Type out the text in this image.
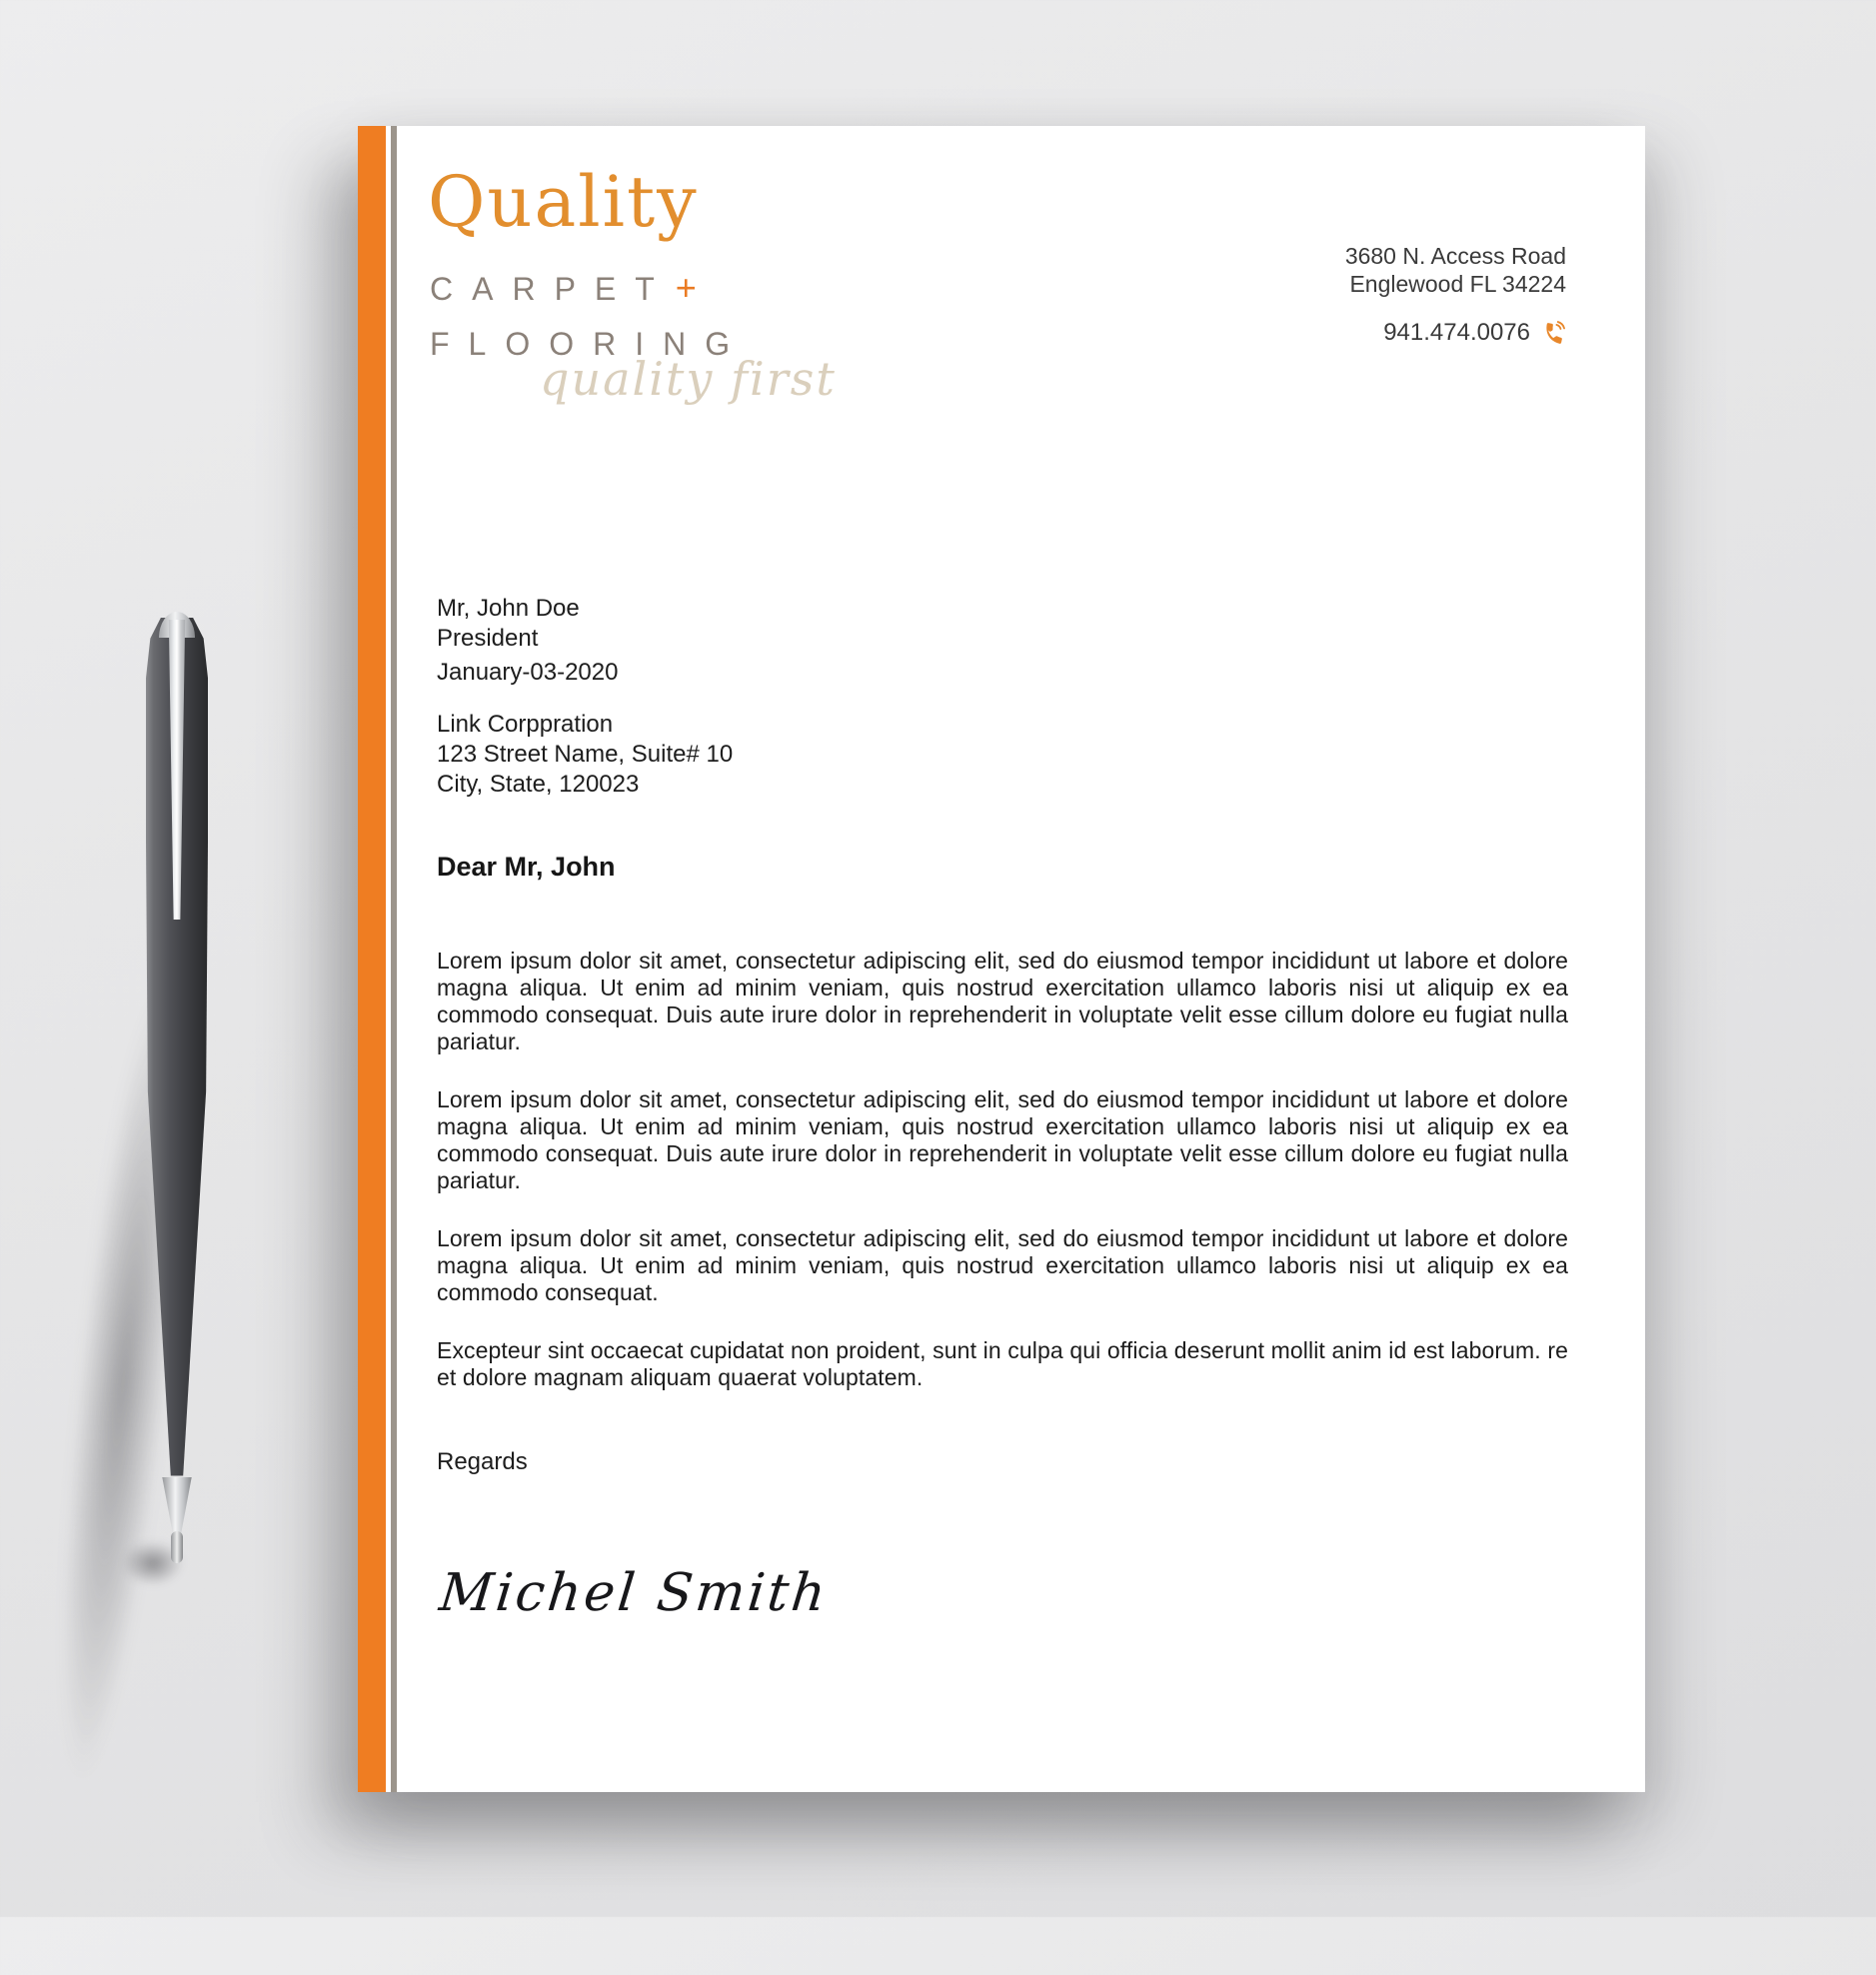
Quality
CARPET+
FLOORING
quality first
3680 N. Access Road
Englewood FL 34224
941.474.0076
January-03-2020
Mr, John Doe
President
Link Corppration
123 Street Name, Suite# 10
City, State, 120023
Dear Mr, John

Lorem ipsum dolor sit amet, consectetur adipiscing elit, sed do eiusmod tempor incididunt ut labore et dolore magna aliqua. Ut enim ad minim veniam, quis nostrud exercitation ullamco laboris nisi ut aliquip ex ea commodo consequat. Duis aute irure dolor in reprehenderit in voluptate velit esse cillum dolore eu fugiat nulla pariatur.

Lorem ipsum dolor sit amet, consectetur adipiscing elit, sed do eiusmod tempor incididunt ut labore et dolore magna aliqua. Ut enim ad minim veniam, quis nostrud exercitation ullamco laboris nisi ut aliquip ex ea commodo consequat. Duis aute irure dolor in reprehenderit in voluptate velit esse cillum dolore eu fugiat nulla pariatur.

Lorem ipsum dolor sit amet, consectetur adipiscing elit, sed do eiusmod tempor incididunt ut labore et dolore magna aliqua. Ut enim ad minim veniam, quis nostrud exercitation ullamco laboris nisi ut aliquip ex ea commodo consequat.

Excepteur sint occaecat cupidatat non proident, sunt in culpa qui officia deserunt mollit anim id est laborum. re et dolore magnam aliquam quaerat voluptatem.

Regards
Michel Smith
